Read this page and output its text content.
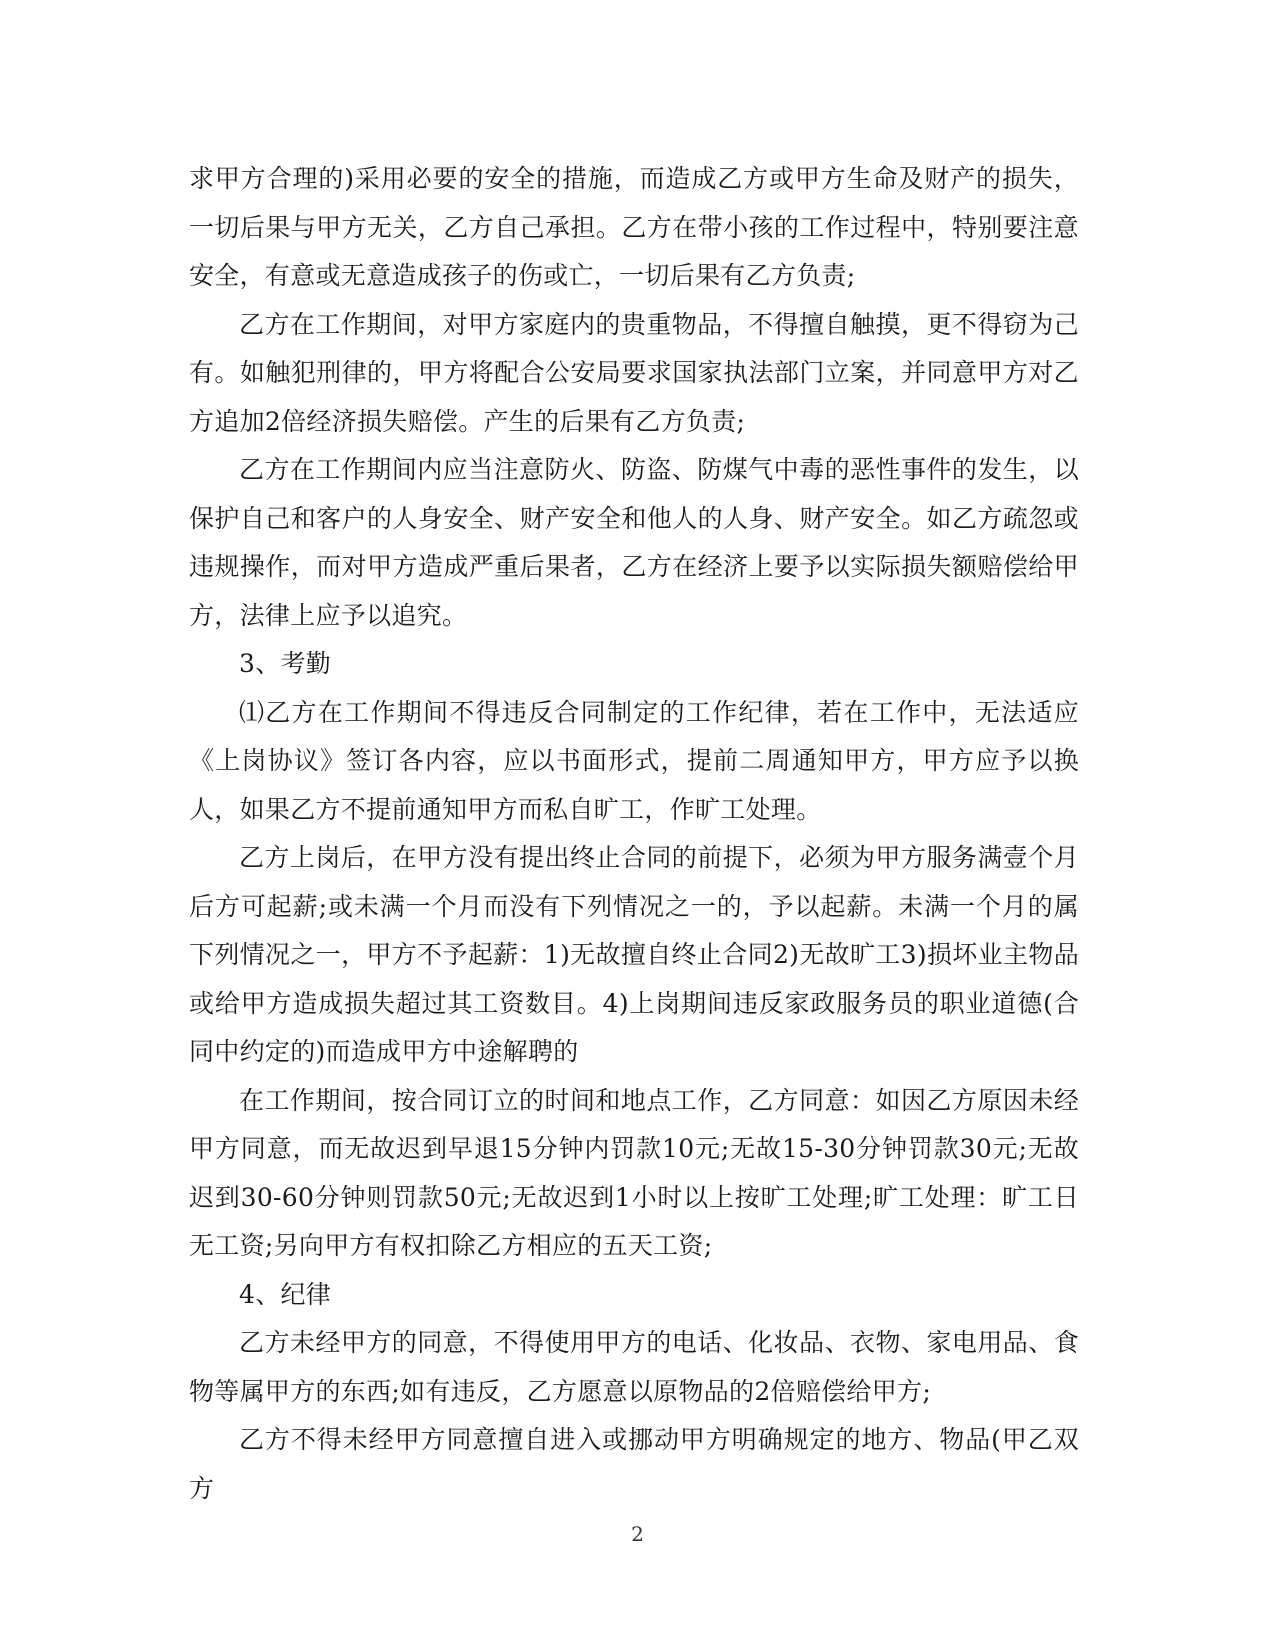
求甲方合理的)采用必要的安全的措施，而造成乙方或甲方生命及财产的损失，一切后果与甲方无关，乙方自己承担。乙方在带小孩的工作过程中，特别要注意安全，有意或无意造成孩子的伤或亡，一切后果有乙方负责;

乙方在工作期间，对甲方家庭内的贵重物品，不得擅自触摸，更不得窃为己有。如触犯刑律的，甲方将配合公安局要求国家执法部门立案，并同意甲方对乙方追加2倍经济损失赔偿。产生的后果有乙方负责;

乙方在工作期间内应当注意防火、防盗、防煤气中毒的恶性事件的发生，以保护自己和客户的人身安全、财产安全和他人的人身、财产安全。如乙方疏忽或违规操作，而对甲方造成严重后果者，乙方在经济上要予以实际损失额赔偿给甲方，法律上应予以追究。

3、考勤

⑴乙方在工作期间不得违反合同制定的工作纪律，若在工作中，无法适应《上岗协议》签订各内容，应以书面形式，提前二周通知甲方，甲方应予以换人，如果乙方不提前通知甲方而私自旷工，作旷工处理。

乙方上岗后，在甲方没有提出终止合同的前提下，必须为甲方服务满壹个月后方可起薪;或未满一个月而没有下列情况之一的，予以起薪。未满一个月的属下列情况之一，甲方不予起薪：1)无故擅自终止合同2)无故旷工3)损坏业主物品或给甲方造成损失超过其工资数目。4)上岗期间违反家政服务员的职业道德(合同中约定的)而造成甲方中途解聘的

在工作期间，按合同订立的时间和地点工作，乙方同意：如因乙方原因未经甲方同意，而无故迟到早退15分钟内罚款10元;无故15-30分钟罚款30元;无故迟到30-60分钟则罚款50元;无故迟到1小时以上按旷工处理;旷工处理：旷工日无工资;另向甲方有权扣除乙方相应的五天工资;

4、纪律

乙方未经甲方的同意，不得使用甲方的电话、化妆品、衣物、家电用品、食物等属甲方的东西;如有违反，乙方愿意以原物品的2倍赔偿给甲方;

乙方不得未经甲方同意擅自进入或挪动甲方明确规定的地方、物品(甲乙双方

2
